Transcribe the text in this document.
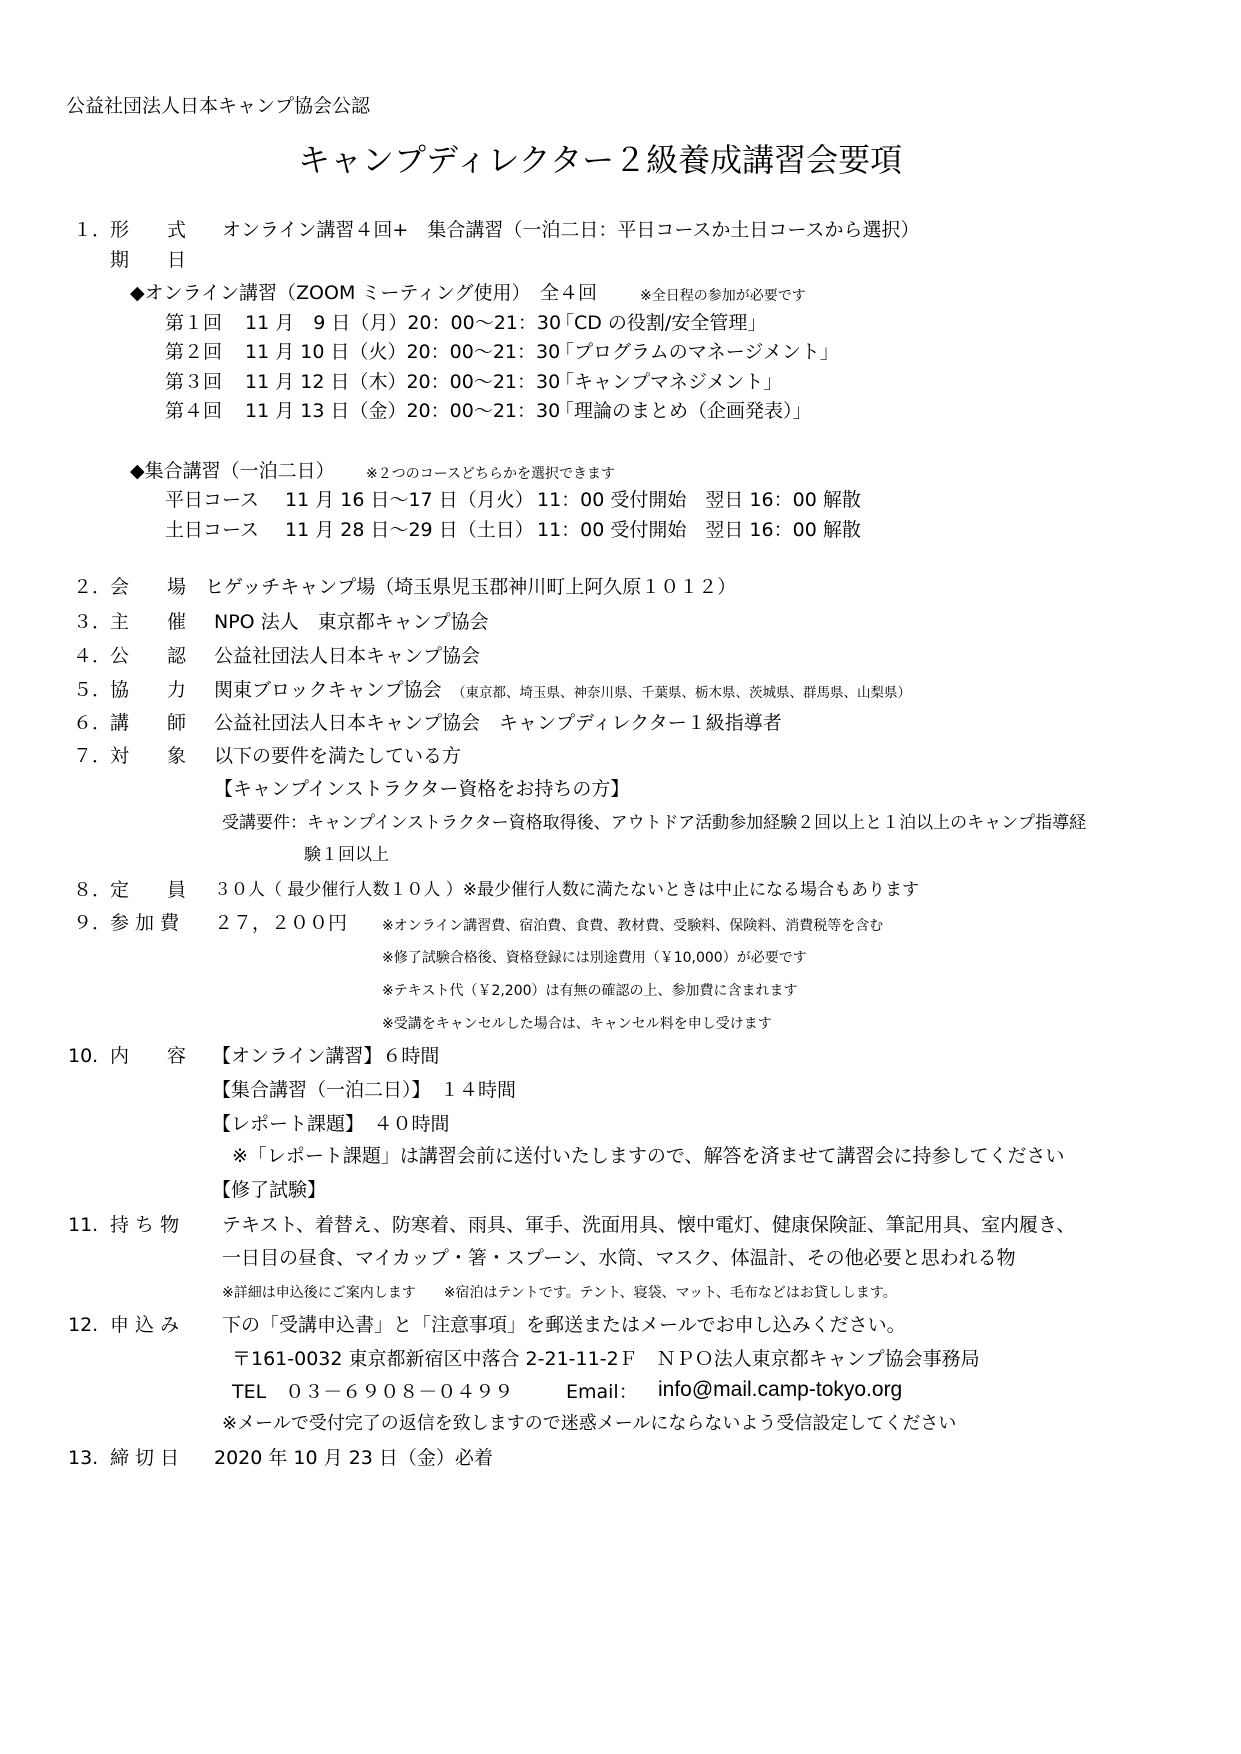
公益社団法人日本キャンプ協会公認
キャンプディレクター２級養成講習会要項
１．
形　　式 オンライン講習４回+　集合講習（一泊二日：平日コースか土日コースから選択）
期　　日
◆オンライン講習（ZOOM ミーティング使用）　全４回	※全日程の参加が必要です
第１回 11 月　9 日（月）20：00～21：30
「CD の役割/安全管理」
第２回 11 月 10 日（火）20：00～21：30
「プログラムのマネージメント」
第３回 11 月 12 日（木）20：00～21：30
「キャンプマネジメント」
第４回 11 月 13 日（金）20：00～21：30
「理論のまとめ（企画発表）」
◆集合講習（一泊二日） ※２つのコースどちらかを選択できます
平日コース 11 月 16 日～17 日（月火） 11：00 受付開始　翌日 16：00 解散
土日コース 11 月 28 日～29 日（土日） 11：00 受付開始　翌日 16：00 解散
２．
会　　場 ヒゲッチキャンプ場（埼玉県児玉郡神川町上阿久原１０１２）
３．
主　　催 NPO 法人　東京都キャンプ協会
４．
公　　認 公益社団法人日本キャンプ協会
５．
協　　力 関東ブロックキャンプ協会 （東京都、埼玉県、神奈川県、千葉県、栃木県、茨城県、群馬県、山梨県）
６．
講　　師 公益社団法人日本キャンプ協会　キャンプディレクター１級指導者
７．
対　　象 以下の要件を満たしている方
【キャンプインストラクター資格をお持ちの方】
受講要件：キャンプインストラクター資格取得後、アウトドア活動参加経験２回以上と１泊以上のキャンプ指導経
験１回以上
８．
定　　員 ３０人（ 最少催行人数１０人 ）※最少催行人数に満たないときは中止になる場合もあります
９．
参 加 費 ２７，２００円 ※オンライン講習費、宿泊費、食費、教材費、受験料、保険料、消費税等を含む
※修了試験合格後、資格登録には別途費用（￥10,000）が必要です
※テキスト代（￥2,200）は有無の確認の上、参加費に含まれます
※受講をキャンセルした場合は、キャンセル料を申し受けます
10. 内　　容 【オンライン講習】６時間
【集合講習（一泊二日）】　１４時間
【レポート課題】　４０時間
※「レポート課題」は講習会前に送付いたしますので、解答を済ませて講習会に持参してください
【修了試験】
11. 持 ち 物 テキスト、着替え、防寒着、雨具、軍手、洗面用具、懐中電灯、健康保険証、筆記用具、室内履き、
一日目の昼食、マイカップ・箸・スプーン、水筒、マスク、体温計、その他必要と思われる物
※詳細は申込後にご案内します　　※宿泊はテントです。テント、寝袋、マット、毛布などはお貸しします。
12. 申 込 み 下の「受講申込書」と「注意事項」を郵送またはメールでお申し込みください。
〒161-0032 東京都新宿区中落合 2-21-11-2Ｆ　ＮＰＯ法人東京都キャンプ協会事務局
TEL　０３－６９０８－０４９９	Email： info@mail.camp-tokyo.org
※メールで受付完了の返信を致しますので迷惑メールにならないよう受信設定してください
13. 締 切 日 2020 年 10 月 23 日（金）必着
